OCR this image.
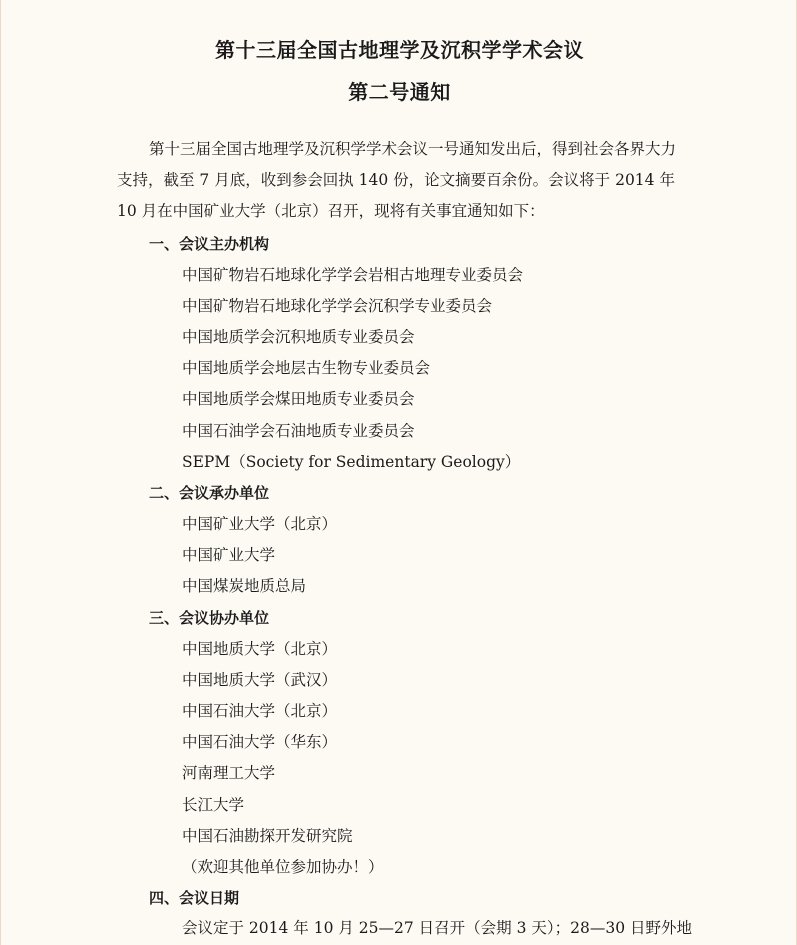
第十三届全国古地理学及沉积学学术会议
第二号通知
第十三届全国古地理学及沉积学学术会议一号通知发出后，得到社会各界大力支持，截至 7 月底，收到参会回执 140 份，论文摘要百余份。会议将于 2014 年 10 月在中国矿业大学（北京）召开，现将有关事宜通知如下：
一、会议主办机构
中国矿物岩石地球化学学会岩相古地理专业委员会
中国矿物岩石地球化学学会沉积学专业委员会
中国地质学会沉积地质专业委员会
中国地质学会地层古生物专业委员会
中国地质学会煤田地质专业委员会
中国石油学会石油地质专业委员会
SEPM（Society for Sedimentary Geology）
二、会议承办单位
中国矿业大学（北京）
中国矿业大学
中国煤炭地质总局
三、会议协办单位
中国地质大学（北京）
中国地质大学（武汉）
中国石油大学（北京）
中国石油大学（华东）
河南理工大学
长江大学
中国石油勘探开发研究院
（欢迎其他单位参加协办！）
四、会议日期
会议定于 2014 年 10 月 25—27 日召开（会期 3 天）；28—30 日野外地
